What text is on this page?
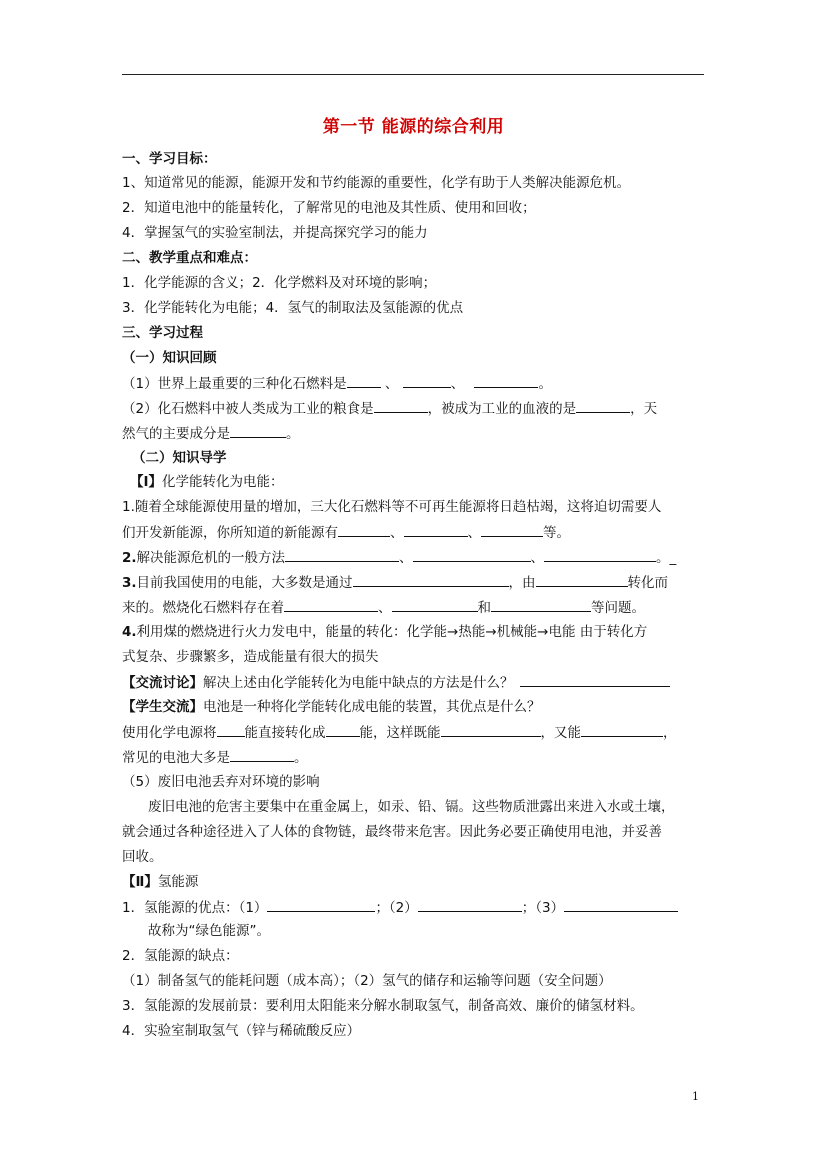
第一节 能源的综合利用
一、学习目标：
1、知道常见的能源，能源开发和节约能源的重要性，化学有助于人类解决能源危机。
2．知道电池中的能量转化，了解常见的电池及其性质、使用和回收；
4．掌握氢气的实验室制法，并提高探究学习的能力
二、教学重点和难点：
1．化学能源的含义；2．化学燃料及对环境的影响；
3．化学能转化为电能；4．氢气的制取法及氢能源的优点
三、学习过程
（一）知识回顾
（1）世界上最重要的三种化石燃料是	、	、	。
（2）化石燃料中被人类成为工业的粮食是	，被成为工业的血液的是	，天
然气的主要成分是	。
（二）知识导学
【Ⅰ】化学能转化为电能：
1.随着全球能源使用量的增加，三大化石燃料等不可再生能源将日趋枯竭，这将迫切需要人
们开发新能源，你所知道的新能源有	、	、	等。
2.解决能源危机的一般方法	、	、	。_
3.目前我国使用的电能，大多数是通过	，由	转化而
来的。燃烧化石燃料存在着	、	和	等问题。
4.利用煤的燃烧进行火力发电中，能量的转化：化学能→热能→机械能→电能 由于转化方
式复杂、步骤繁多，造成能量有很大的损失
【交流讨论】解决上述由化学能转化为电能中缺点的方法是什么？
【学生交流】电池是一种将化学能转化成电能的装置，其优点是什么？
使用化学电源将 能直接转化成	能，这样既能	，又能	，
常见的电池大多是	。
（5）废旧电池丢弃对环境的影响
废旧电池的危害主要集中在重金属上，如汞、铅、镉。这些物质泄露出来进入水或土壤，
就会通过各种途径进入了人体的食物链，最终带来危害。因此务必要正确使用电池，并妥善
回收。
【Ⅱ】氢能源
1．氢能源的优点：（1）	；（2）	；（3）
故称为“绿色能源”。
2．氢能源的缺点：
（1）制备氢气的能耗问题（成本高）；（2）氢气的储存和运输等问题（安全问题）
3．氢能源的发展前景：要利用太阳能来分解水制取氢气，制备高效、廉价的储氢材料。
4．实验室制取氢气（锌与稀硫酸反应）
1
